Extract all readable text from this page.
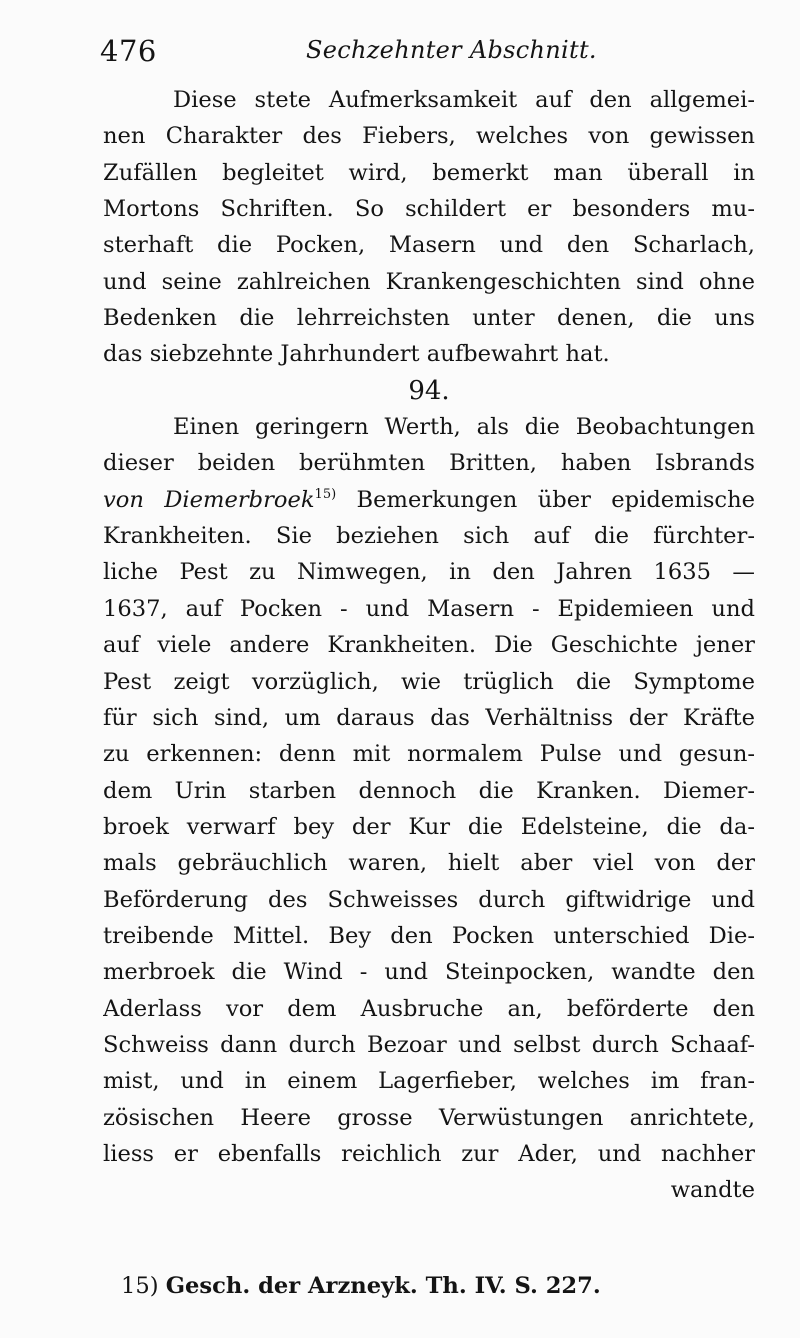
476	Sechzehnter Abschnitt.
Diese stete Aufmerksamkeit auf den allgemei-
nen Charakter des Fiebers, welches von gewissen
Zufällen begleitet wird, bemerkt man überall in
Mortons Schriften. So schildert er besonders mu-
sterhaft die Pocken, Masern und den Scharlach,
und seine zahlreichen Krankengeschichten sind ohne
Bedenken die lehrreichsten unter denen, die uns
das siebzehnte Jahrhundert aufbewahrt hat.
94.
Einen geringern Werth, als die Beobachtungen
dieser beiden berühmten Britten, haben Isbrands
von Diemerbroek$^{15)}$ Bemerkungen über epidemische
Krankheiten. Sie beziehen sich auf die fürchter-
liche Pest zu Nimwegen, in den Jahren 1635 —
1637, auf Pocken - und Masern - Epidemieen und
auf viele andere Krankheiten. Die Geschichte jener
Pest zeigt vorzüglich, wie trüglich die Symptome
für sich sind, um daraus das Verhältniss der Kräfte
zu erkennen: denn mit normalem Pulse und gesun-
dem Urin starben dennoch die Kranken. Diemer-
broek verwarf bey der Kur die Edelsteine, die da-
mals gebräuchlich waren, hielt aber viel von der
Beförderung des Schweisses durch giftwidrige und
treibende Mittel. Bey den Pocken unterschied Die-
merbroek die Wind - und Steinpocken, wandte den
Aderlass vor dem Ausbruche an, beförderte den
Schweiss dann durch Bezoar und selbst durch Schaaf-
mist, und in einem Lagerfieber, welches im fran-
zösischen Heere grosse Verwüstungen anrichtete,
liess er ebenfalls reichlich zur Ader, und nachher
wandte
15) Gesch. der Arzneyk. Th. IV. S. 227.
